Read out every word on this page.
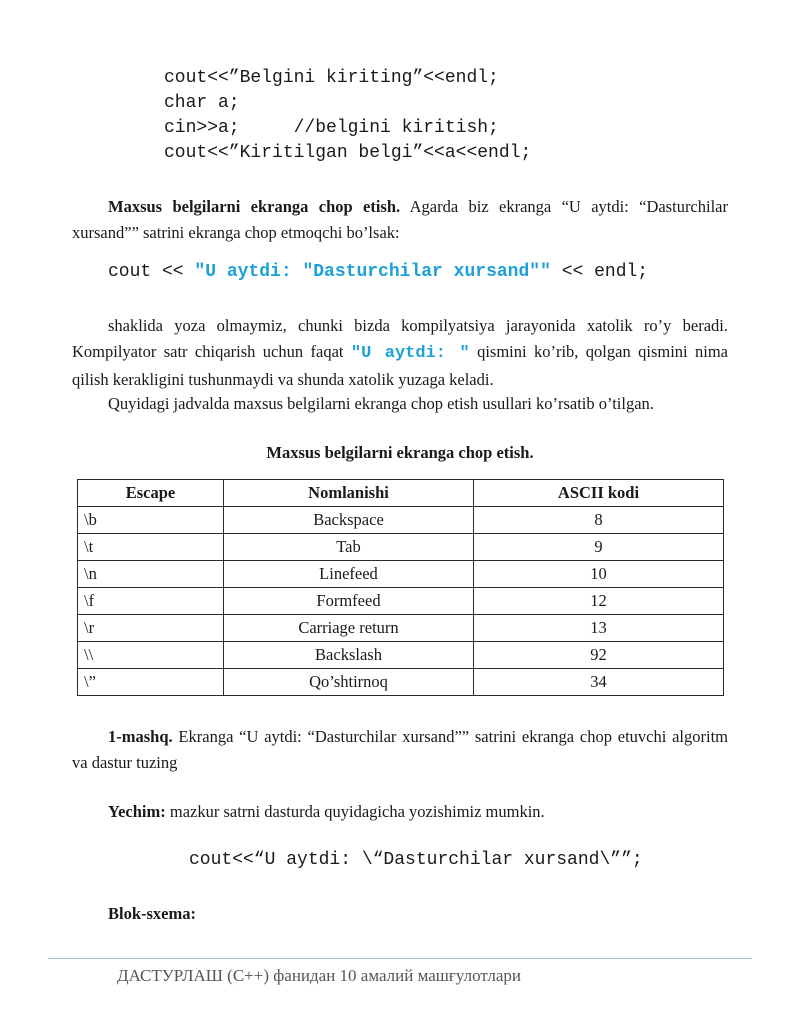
cout<<”Belgini kiriting”<<endl;
char a;
cin>>a;     //belgini kiritish;
cout<<”Kiritilgan belgi”<<a<<endl;
Maxsus belgilarni ekranga chop etish. Agarda biz ekranga “U aytdi: “Dasturchilar xursand”” satrini ekranga chop etmoqchi bo’lsak:
cout << "U aytdi: "Dasturchilar xursand"" << endl;
shaklida yoza olmaymiz, chunki bizda kompilyatsiya jarayonida xatolik ro’y beradi. Kompilyator satr chiqarish uchun faqat "U aytdi: " qismini ko’rib, qolgan qismini nima qilish kerakligini tushunmaydi va shunda xatolik yuzaga keladi.
Quyidagi jadvalda maxsus belgilarni ekranga chop etish usullari ko’rsatib o’tilgan.
Maxsus belgilarni ekranga chop etish.
Escape	Nomlanishi	ASCII kodi
\b	Backspace	8
\t	Tab	9
\n	Linefeed	10
\f	Formfeed	12
\r	Carriage return	13
\\	Backslash	92
\”	Qo’shtirnoq	34
1-mashq. Ekranga “U aytdi: “Dasturchilar xursand”” satrini ekranga chop etuvchi algoritm va dastur tuzing
Yechim: mazkur satrni dasturda quyidagicha yozishimiz mumkin.
cout<<“U aytdi: \“Dasturchilar xursand\””;
Blok-sxema:
ДАСТУРЛАШ (C++) фанидан 10 амалий машғулотлари
